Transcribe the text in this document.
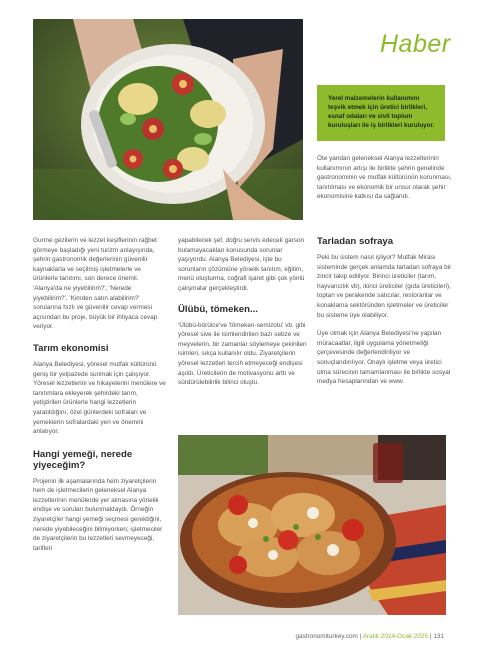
Haber
Yerel malzemelerin kullanımını teşvik etmek için üretici birlikleri, esnaf odaları ve sivil toplum kuruluşları ile iş birlikleri kuruluyor.

Öte yandan geleneksel Alanya lezzetlerinin kullanımının artışı ile birlikte şehrin genelinde gastronominin ve mutfak kültürünün korunması, tanıtılması ve ekonomik bir unsur olarak şehir ekonomisine katkısı da sağlandı.

Gurme gezilerin ve lezzet keşiflerinin rağbet görmeye başladığı yeni turizm anlayışında, şehrin gastronomik değerlerinin güvenilir kaynaklarla ve seçilmiş işletmelerle ve ürünlerle tanıtımı, son derece önemli. 'Alanya'da ne yiyebilirim?', 'Nerede yiyebilirim?', 'Kimden satın alabilirim?' sorularına hızlı ve güvenilir cevap vermesi açısından bu proje, büyük bir ihtiyaca cevap veriyor.

Tarım ekonomisi

Alanya Belediyesi, yöresel mutfak kültürünü geniş bir yelpazede sunmak için çalışıyor. Yöresel lezzetlerini ve hikayelerini menülere ve tanıtımlara ekleyerek şehirdeki tarım, yetiştirilen ürünlerle hangi lezzetlerin yaratıldığını, özel günlerdeki sofraları ve yemeklerin sofralardaki yeri ve önemini anlatıyor.

Hangi yemeği, nerede yiyeceğim?

Projenin ilk aşamalarında hem ziyaretçilerin hem de işletmecilerin geleneksel Alanya lezzetlerinin menülerde yer almasına yönelik endişe ve soruları bulunmaktaydı. Örneğin ziyaretçiler hangi yemeği seçmesi gerektiğini, nerede yiyebileceğini bilmiyorken; işletmeciler de ziyaretçilerin bu lezzetleri sevmeyeceği, tarifleri

yapabilecek şef, doğru servis edecek garson bulamayacakları konusunda sorunlar yaşıyordu. Alanya Belediyesi, işte bu sorunların çözümüne yönelik tanıtım, eğitim, menü oluşturma, coğrafi işaret gibi çok yönlü çalışmalar gerçekleştirdi.

Ülübü, tömeken...

'Ülübü-börülce've 'tömeken-semizotu' vb. gibi yöresel sive ile isimlendirilen bazı sebze ve meyvelerin, bir zamanlar söylemeye çekinilen isimleri, sıkça kullanılır oldu. Ziyaretçilerin yöresel lezzetleri tercih etmeyeceği endişesi aşıldı. Üreticilerin de motivasyonu arttı ve sürdürülebilirlik bilinci oluştu.

Tarladan sofraya

Peki bu sistem nasıl işliyor? Mutfak Mirası sisteminde gerçek anlamda tarladan sofraya bir zincir takip ediliyor. Birinci üreticiler (tarım, hayvancılık vb), ikinci üreticiler (gıda üreticileri), toptan ve perakende satıcılar, restoranlar ve konaklama sektöründen işletmeler ve üreticiler bu sisteme üye olabiliyor.

Üye olmak için Alanya Belediyesi'ne yapılan müracaatlar, ilgili uygulama yönetmeliği çerçevesinde değerlendiriliyor ve sonuçlandırılıyor. Onaylı işletme veya üretici olma sürecinin tamamlanması ile birlikte sosyal medya hesaplarından ve www.

gastronomiturkey.com | Aralık 2024-Ocak 2025 | 131
